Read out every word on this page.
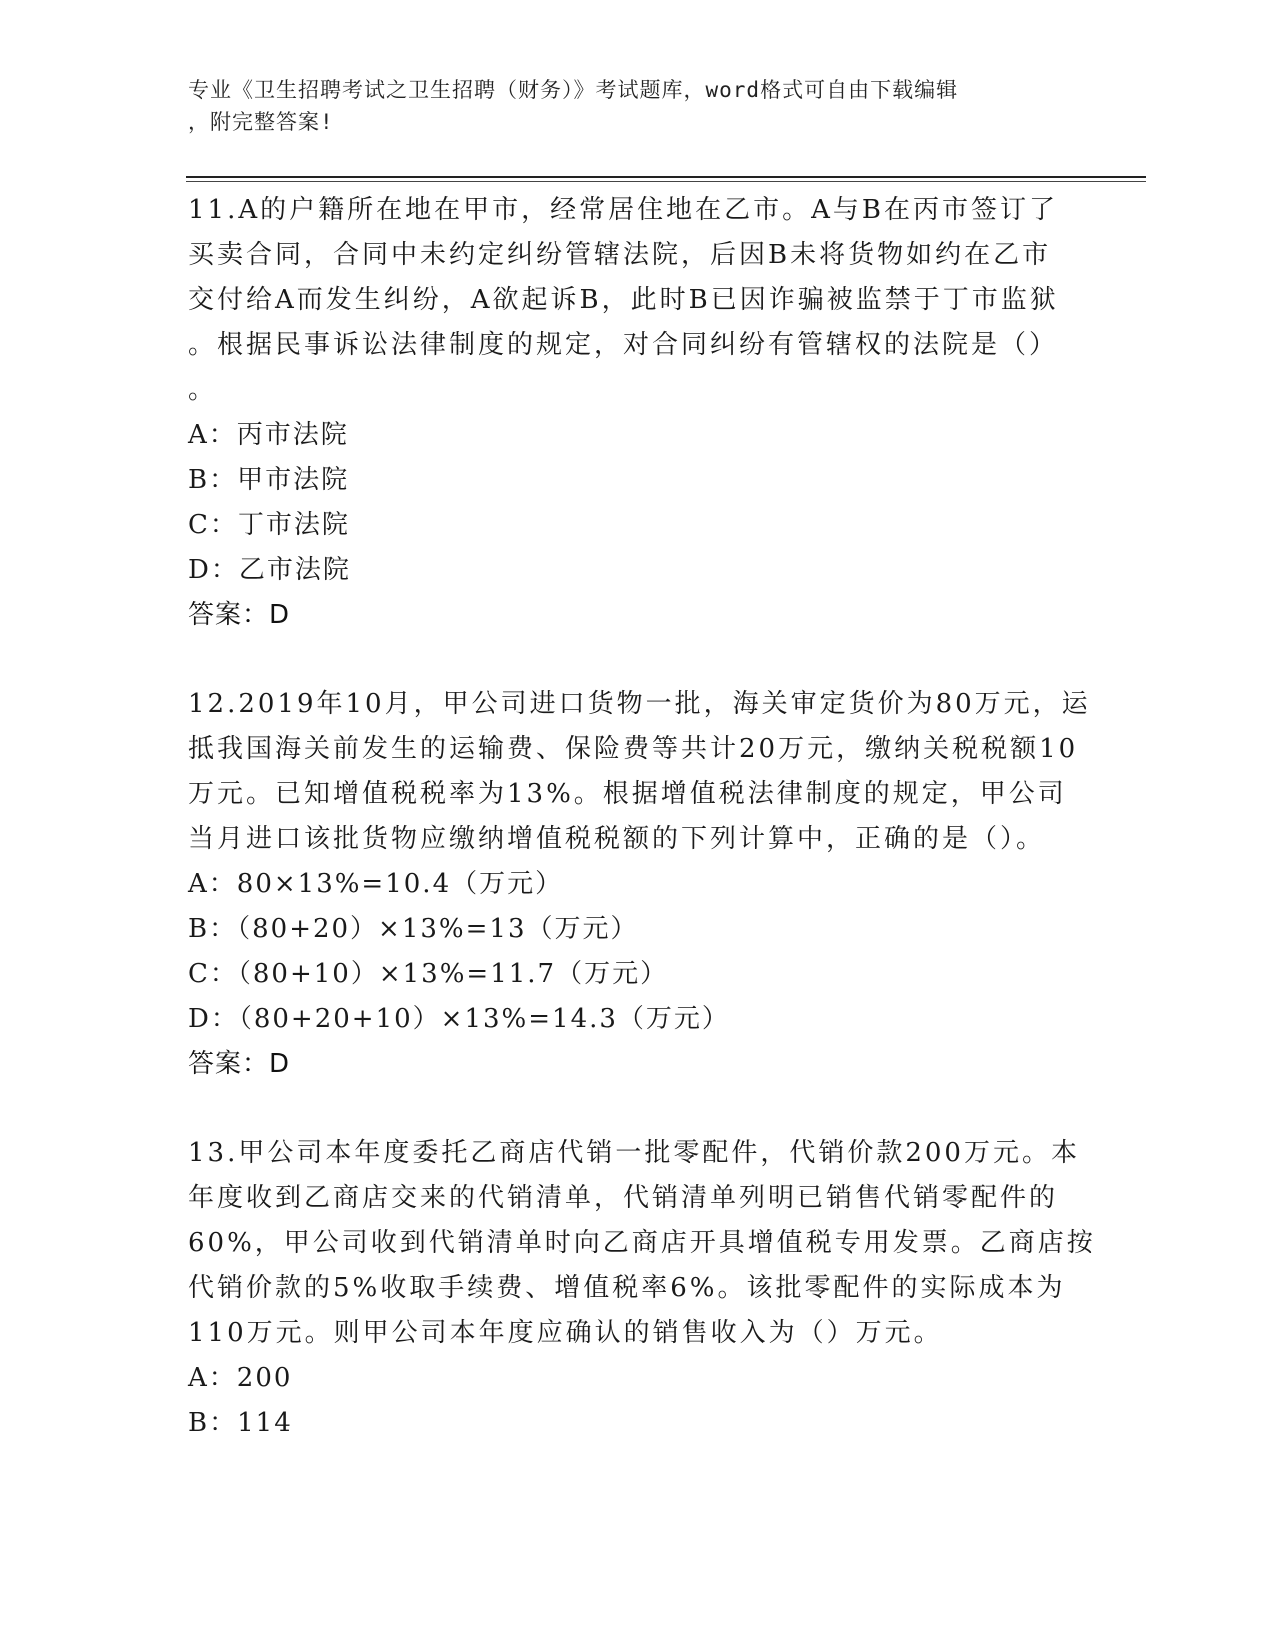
专业《卫生招聘考试之卫生招聘（财务）》考试题库，word格式可自由下载编辑
，附完整答案!
11.A的户籍所在地在甲市，经常居住地在乙市。A与B在丙市签订了
买卖合同，合同中未约定纠纷管辖法院，后因B未将货物如约在乙市
交付给A而发生纠纷，A欲起诉B，此时B已因诈骗被监禁于丁市监狱
。根据民事诉讼法律制度的规定，对合同纠纷有管辖权的法院是（）
。
A：丙市法院
B：甲市法院
C：丁市法院
D：乙市法院
答案：D
12.2019年10月，甲公司进口货物一批，海关审定货价为80万元，运
抵我国海关前发生的运输费、保险费等共计20万元，缴纳关税税额10
万元。已知增值税税率为13%。根据增值税法律制度的规定，甲公司
当月进口该批货物应缴纳增值税税额的下列计算中，正确的是（）。
A：80×13%=10.4（万元）
B：（80+20）×13%=13（万元）
C：（80+10）×13%=11.7（万元）
D：（80+20+10）×13%=14.3（万元）
答案：D
13.甲公司本年度委托乙商店代销一批零配件，代销价款200万元。本
年度收到乙商店交来的代销清单，代销清单列明已销售代销零配件的
60%，甲公司收到代销清单时向乙商店开具增值税专用发票。乙商店按
代销价款的5%收取手续费、增值税率6%。该批零配件的实际成本为
110万元。则甲公司本年度应确认的销售收入为（）万元。
A：200
B：114
